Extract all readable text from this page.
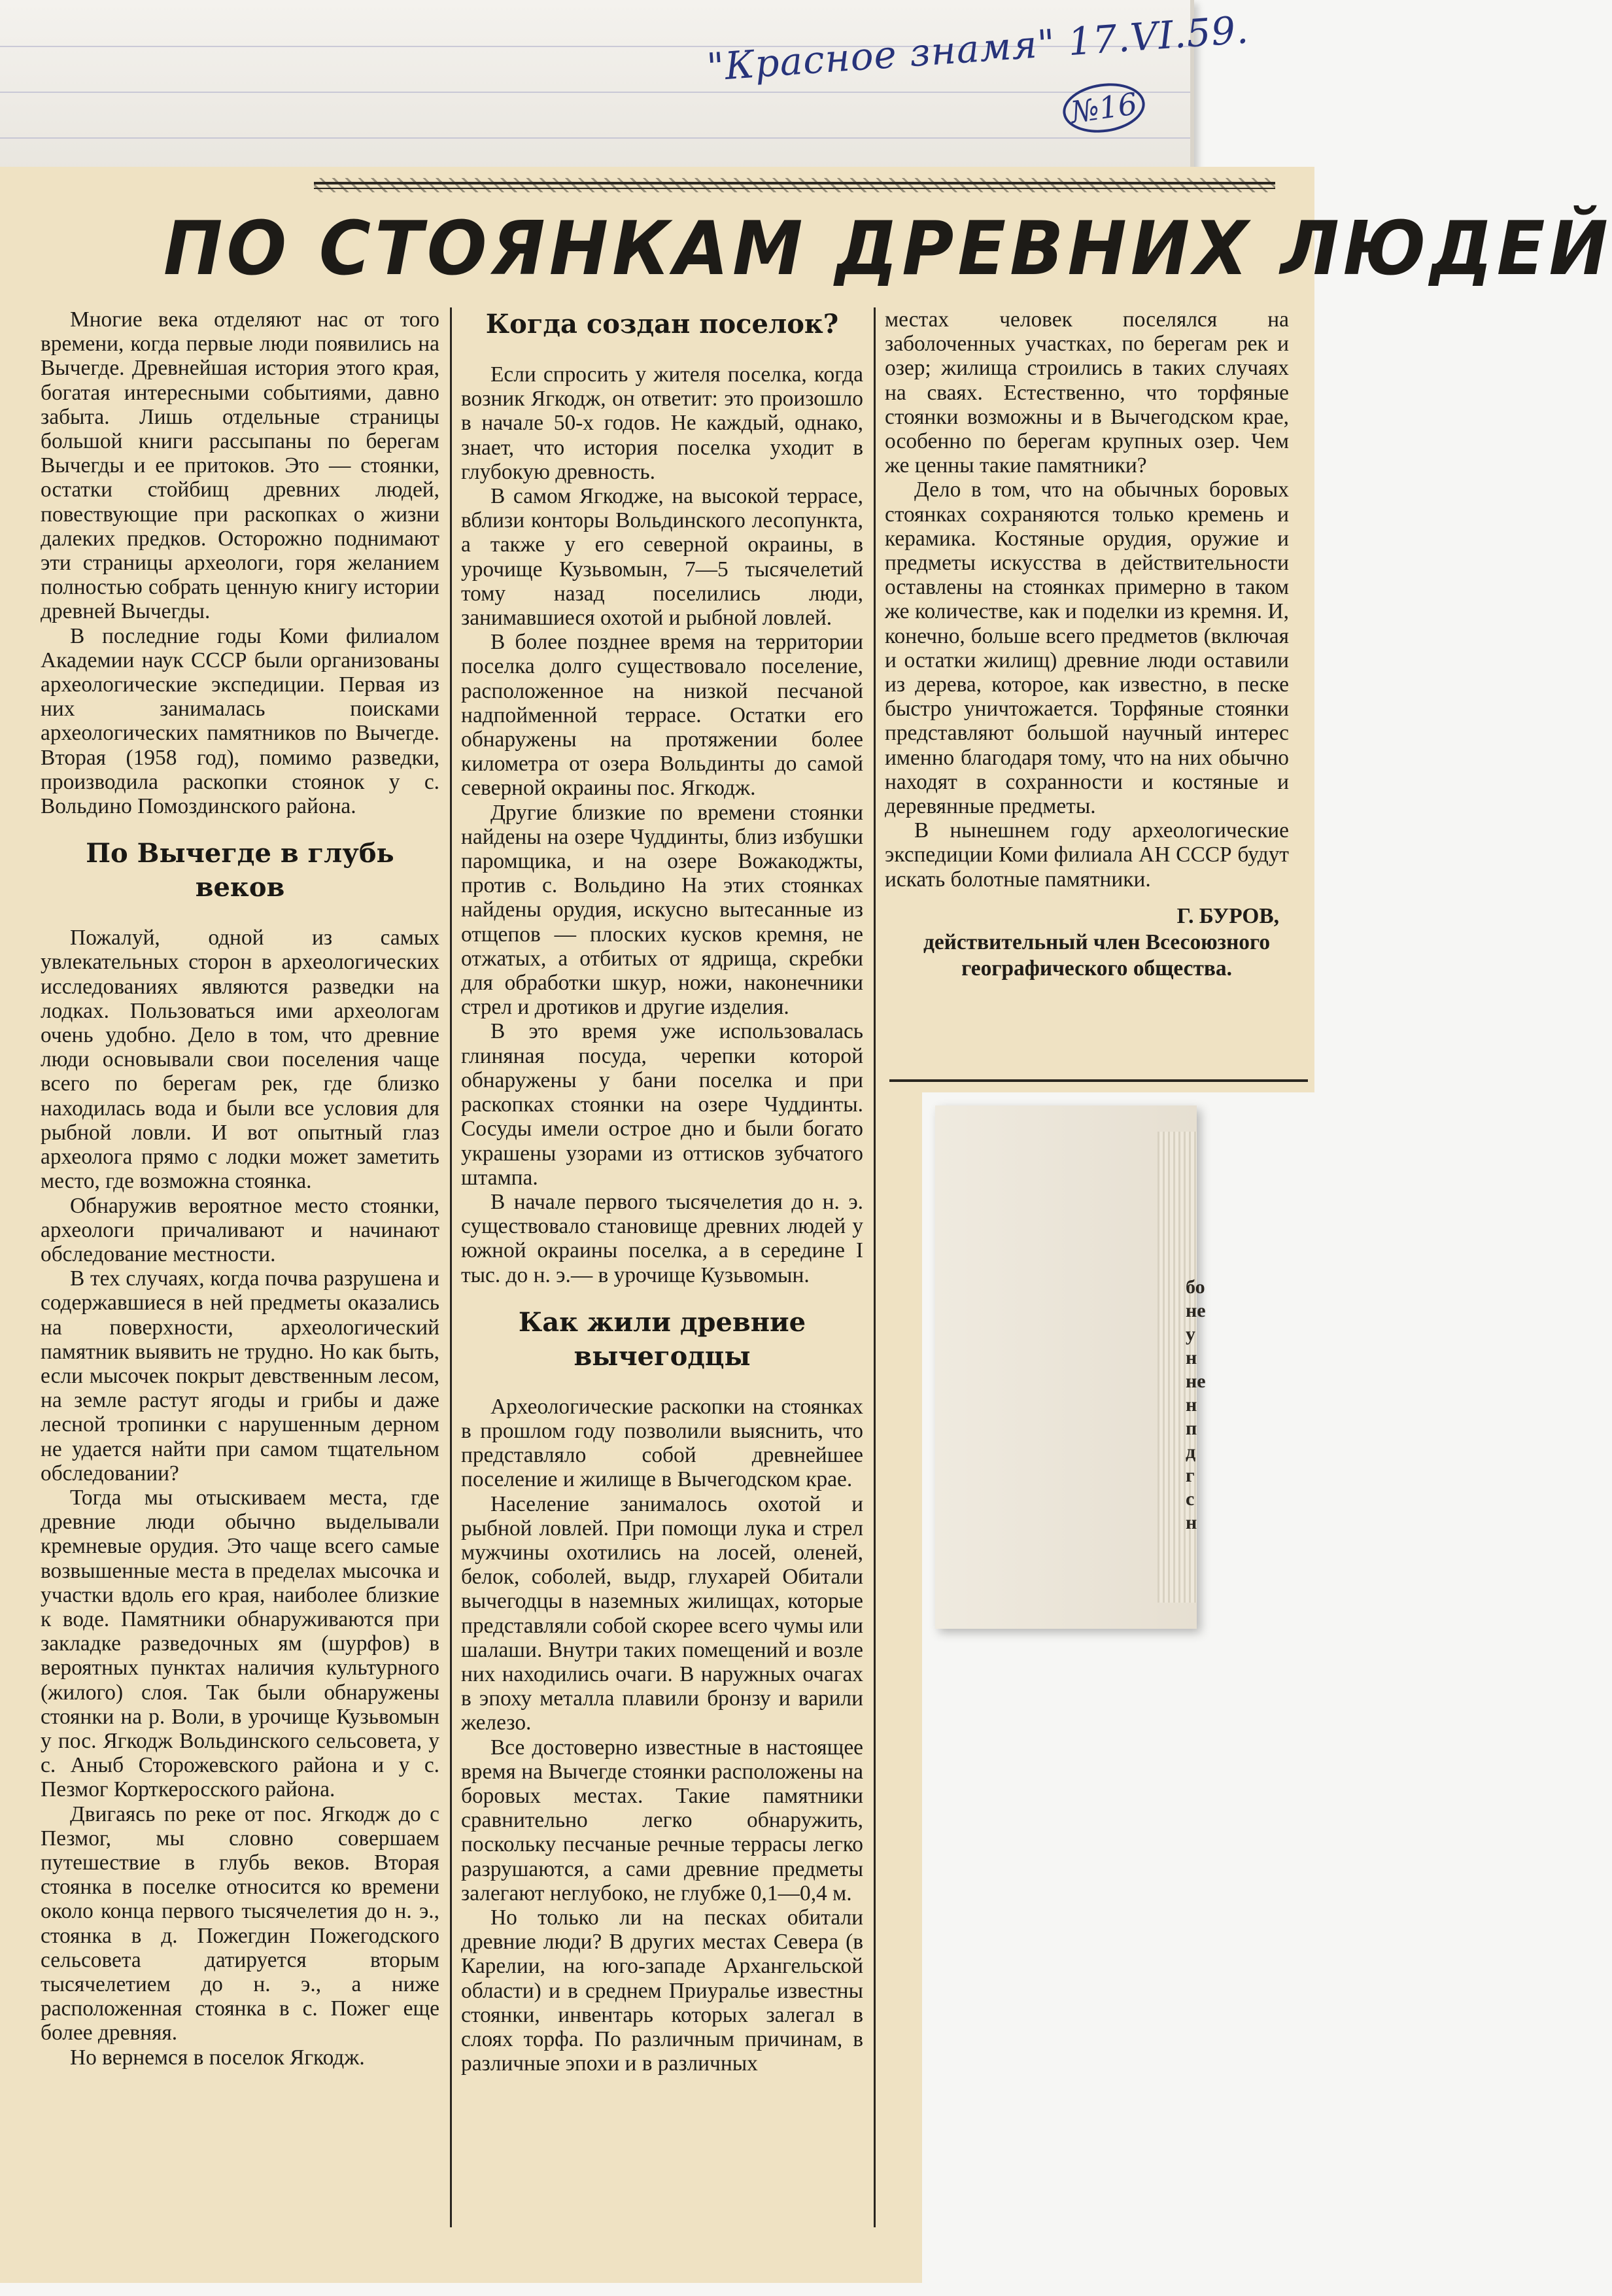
"Красное знамя" 17.VI.59.
№16
ПО СТОЯНКАМ ДРЕВНИХ ЛЮДЕЙ

Многие века отделяют нас от того времени, когда первые люди появились на Вычегде. Древнейшая история этого края, богатая интересными событиями, давно забыта. Лишь отдельные страницы большой книги рассыпаны по берегам Вычегды и ее притоков. Это — стоянки, остатки стойбищ древних людей, повествующие при раскопках о жизни далеких предков. Осторожно поднимают эти страницы археологи, горя желанием полностью собрать ценную книгу истории древней Вычегды.

В последние годы Коми филиалом Академии наук СССР были организованы археологические экспедиции. Первая из них занималась поисками археологических памятников по Вычегде. Вторая (1958 год), помимо разведки, производила раскопки стоянок у с. Вольдино Помоздинского района.

По Вычегде в глубь веков

Пожалуй, одной из самых увлекательных сторон в археологических исследованиях являются разведки на лодках. Пользоваться ими археологам очень удобно. Дело в том, что древние люди основывали свои поселения чаще всего по берегам рек, где близко находилась вода и были все условия для рыбной ловли. И вот опытный глаз археолога прямо с лодки может заметить место, где возможна стоянка.

Обнаружив вероятное место стоянки, археологи причаливают и начинают обследование местности.

В тех случаях, когда почва разрушена и содержавшиеся в ней предметы оказались на поверхности, археологический памятник выявить не трудно. Но как быть, если мысочек покрыт девственным лесом, на земле растут ягоды и грибы и даже лесной тропинки с нарушенным дерном не удается найти при самом тщательном обследовании?

Тогда мы отыскиваем места, где древние люди обычно выделывали кремневые орудия. Это чаще всего самые возвышенные места в пределах мысочка и участки вдоль его края, наиболее близкие к воде. Памятники обнаруживаются при закладке разведочных ям (шурфов) в вероятных пунктах наличия культурного (жилого) слоя. Так были обнаружены стоянки на р. Воли, в урочище Кузьвомын у пос. Ягкодж Вольдинского сельсовета, у с. Аныб Сторожевского района и у с. Пезмог Корткеросского района.

Двигаясь по реке от пос. Ягкодж до с Пезмог, мы словно совершаем путешествие в глубь веков. Вторая стоянка в поселке относится ко времени около конца первого тысячелетия до н. э., стоянка в д. Пожегдин Пожегодского сельсовета датируется вторым тысячелетием до н. э., а ниже расположенная стоянка в с. Пожег еще более древняя.

Но вернемся в поселок Ягкодж.

Когда создан поселок?

Если спросить у жителя поселка, когда возник Ягкодж, он ответит: это произошло в начале 50-х годов. Не каждый, однако, знает, что история поселка уходит в глубокую древность.

В самом Ягкодже, на высокой террасе, вблизи конторы Вольдинского лесопункта, а также у его северной окраины, в урочище Кузьвомын, 7—5 тысячелетий тому назад поселились люди, занимавшиеся охотой и рыбной ловлей.

В более позднее время на территории поселка долго существовало поселение, расположенное на низкой песчаной надпойменной террасе. Остатки его обнаружены на протяжении более километра от озера Вольдинты до самой северной окраины пос. Ягкодж.

Другие близкие по времени стоянки найдены на озере Чуддинты, близ избушки паромщика, и на озере Вожакоджты, против с. Вольдино На этих стоянках найдены орудия, искусно вытесанные из отщепов — плоских кусков кремня, не отжатых, а отбитых от ядрища, скребки для обработки шкур, ножи, наконечники стрел и дротиков и другие изделия.

В это время уже использовалась глиняная посуда, черепки которой обнаружены у бани поселка и при раскопках стоянки на озере Чуддинты. Сосуды имели острое дно и были богато украшены узорами из оттисков зубчатого штампа.

В начале первого тысячелетия до н. э. существовало становище древних людей у южной окраины поселка, а в середине I тыс. до н. э.— в урочище Кузьвомын.

Как жили древние вычегодцы

Археологические раскопки на стоянках в прошлом году позволили выяснить, что представляло собой древнейшее поселение и жилище в Вычегодском крае.

Население занималось охотой и рыбной ловлей. При помощи лука и стрел мужчины охотились на лосей, оленей, белок, соболей, выдр, глухарей Обитали вычегодцы в наземных жилищах, которые представляли собой скорее всего чумы или шалаши. Внутри таких помещений и возле них находились очаги. В наружных очагах в эпоху металла плавили бронзу и варили железо.

Все достоверно известные в настоящее время на Вычегде стоянки расположены на боровых местах. Такие памятники сравнительно легко обнаружить, поскольку песчаные речные террасы легко разрушаются, а сами древние предметы залегают неглубоко, не глубже 0,1—0,4 м.

Но только ли на песках обитали древние люди? В других местах Севера (в Карелии, на юго-западе Архангельской области) и в среднем Приуралье известны стоянки, инвентарь которых залегал в слоях торфа. По различным причинам, в различные эпохи и в различных

местах человек поселялся на заболоченных участках, по берегам рек и озер; жилища строились в таких случаях на сваях. Естественно, что торфяные стоянки возможны и в Вычегодском крае, особенно по берегам крупных озер. Чем же ценны такие памятники?

Дело в том, что на обычных боровых стоянках сохраняются только кремень и керамика. Костяные орудия, оружие и предметы искусства в действительности оставлены на стоянках примерно в таком же количестве, как и поделки из кремня. И, конечно, больше всего предметов (включая и остатки жилищ) древние люди оставили из дерева, которое, как известно, в песке быстро уничтожается. Торфяные стоянки представляют большой научный интерес именно благодаря тому, что на них обычно находят в сохранности и костяные и деревянные предметы.

В нынешнем году археологические экспедиции Коми филиала АН СССР будут искать болотные памятники.

Г. БУРОВ,
действительный член Всесоюзного географического общества.
бо
не
у
н
не
н
п
д
г
с
н
